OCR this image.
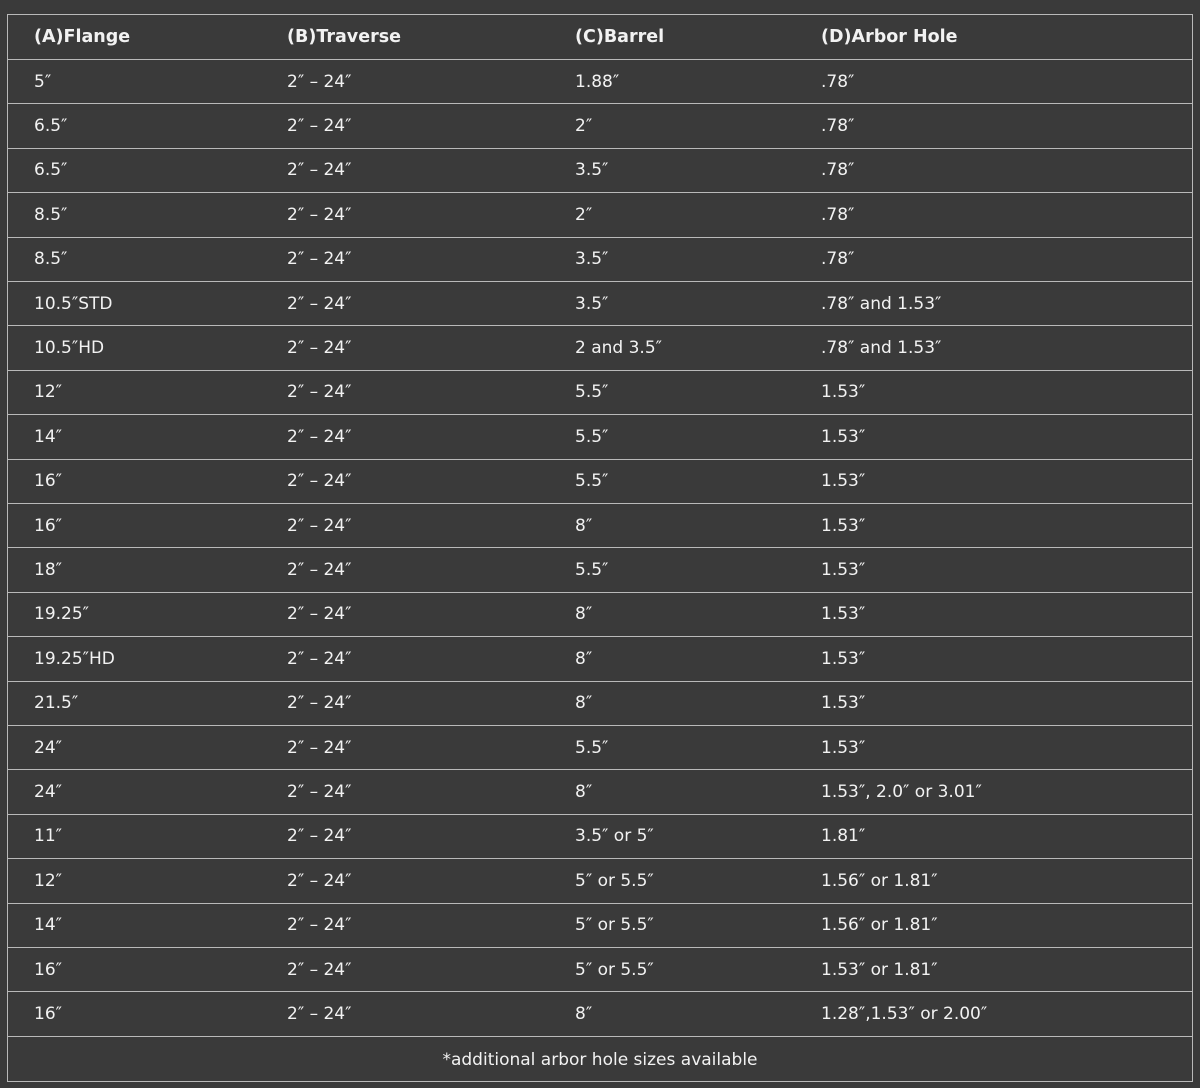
(A)Flange	(B)Traverse	(C)Barrel	(D)Arbor Hole
5″	2″ – 24″	1.88″	.78″
6.5″	2″ – 24″	2″	.78″
6.5″	2″ – 24″	3.5″	.78″
8.5″	2″ – 24″	2″	.78″
8.5″	2″ – 24″	3.5″	.78″
10.5″STD	2″ – 24″	3.5″	.78″ and 1.53″
10.5″HD	2″ – 24″	2 and 3.5″	.78″ and 1.53″
12″	2″ – 24″	5.5″	1.53″
14″	2″ – 24″	5.5″	1.53″
16″	2″ – 24″	5.5″	1.53″
16″	2″ – 24″	8″	1.53″
18″	2″ – 24″	5.5″	1.53″
19.25″	2″ – 24″	8″	1.53″
19.25″HD	2″ – 24″	8″	1.53″
21.5″	2″ – 24″	8″	1.53″
24″	2″ – 24″	5.5″	1.53″
24″	2″ – 24″	8″	1.53″, 2.0″ or 3.01″
11″	2″ – 24″	3.5″ or 5″	1.81″
12″	2″ – 24″	5″ or 5.5″	1.56″ or 1.81″
14″	2″ – 24″	5″ or 5.5″	1.56″ or 1.81″
16″	2″ – 24″	5″ or 5.5″	1.53″ or 1.81″
16″	2″ – 24″	8″	1.28″,1.53″ or 2.00″
*additional arbor hole sizes available
